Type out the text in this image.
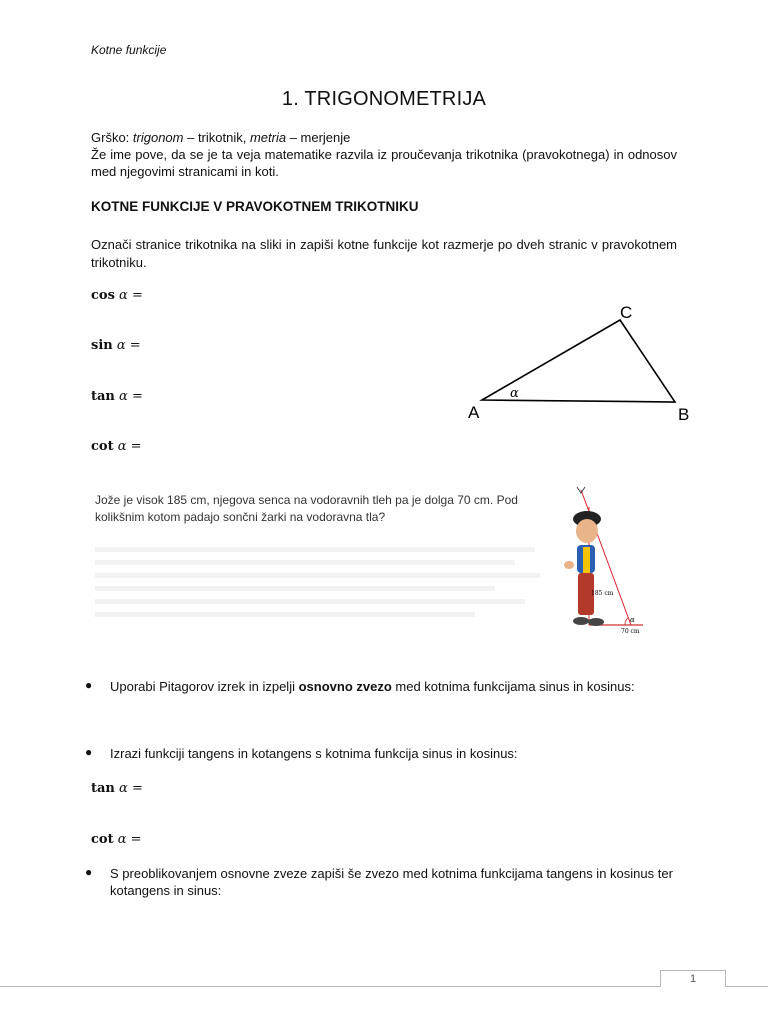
Kotne funkcije
1. TRIGONOMETRIJA

Grško: trigonom – trikotnik, metria – merjenje

Že ime pove, da se je ta veja matematike razvila iz proučevanja trikotnika (pravokotnega) in odnosov med njegovimi stranicami in koti.

KOTNE FUNKCIJE V PRAVOKOTNEM TRIKOTNIKU

Označi stranice trikotnika na sliki in zapiši kotne funkcije kot razmerje po dveh stranic v pravokotnem trikotniku.

cos α =
sin α =
tan α =
cot α =
A	B
C
α

Jože je visok 185 cm, njegova senca na vodoravnih tleh pa je dolga 70 cm. Pod kolikšnim kotom padajo sončni žarki na vodoravna tla?

185 cm
70 cm
α
● Uporabi Pitagorov izrek in izpelji osnovno zvezo med kotnima funkcijama sinus in kosinus:
● Izrazi funkciji tangens in kotangens s kotnima funkcija sinus in kosinus:
● S preoblikovanjem osnovne zveze zapiši še zvezo med kotnima funkcijama tangens in kosinus ter kotangens in sinus:
tan α =
cot α =
1
